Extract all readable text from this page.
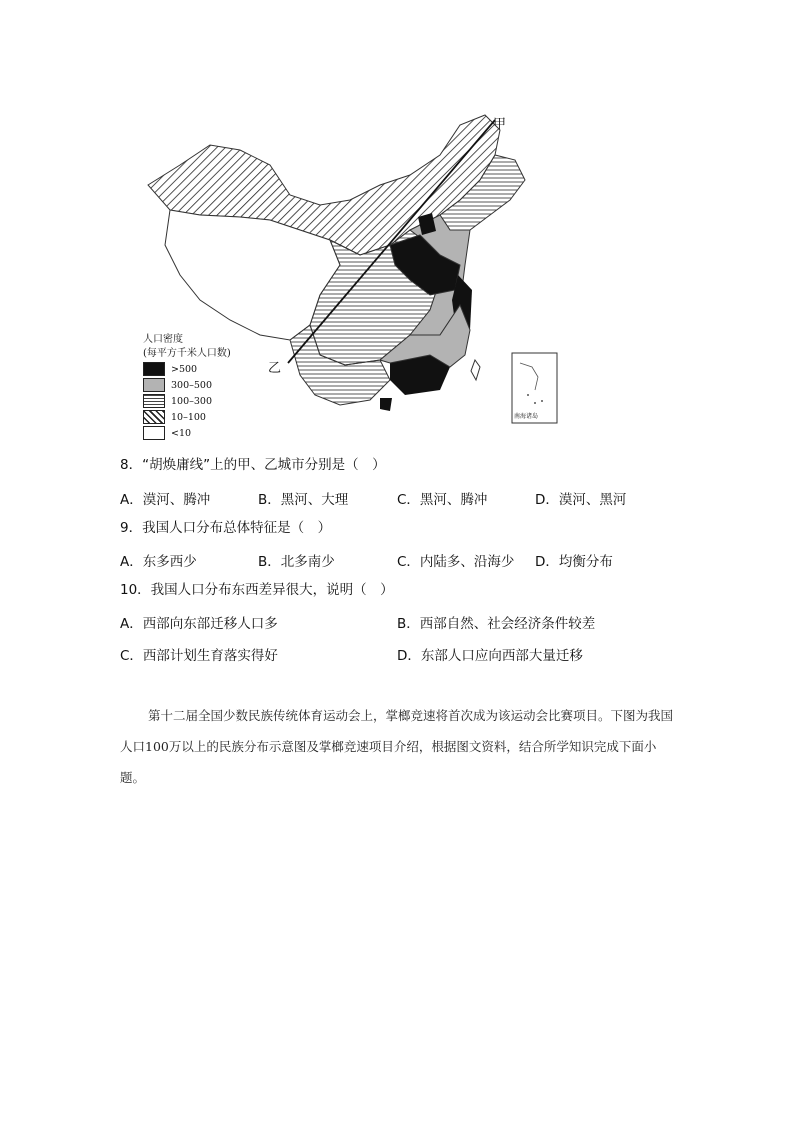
甲
乙
南海诸岛
人口密度
(每平方千米人口数)
>500
300–500
100–300
10–100
<10
8．“胡焕庸线”上的甲、乙城市分别是（　）
A．漠河、腾冲	B．黑河、大理	C．黑河、腾冲	D．漠河、黑河
9．我国人口分布总体特征是（　）
A．东多西少	B．北多南少	C．内陆多、沿海少 D．均衡分布
10．我国人口分布东西差异很大，说明（　）
A．西部向东部迁移人口多	B．西部自然、社会经济条件较差
C．西部计划生育落实得好	D．东部人口应向西部大量迁移
第十二届全国少数民族传统体育运动会上，掌榔竞速将首次成为该运动会比赛项目。下图为我国人口100万以上的民族分布示意图及掌榔竞速项目介绍，根据图文资料，结合所学知识完成下面小题。
